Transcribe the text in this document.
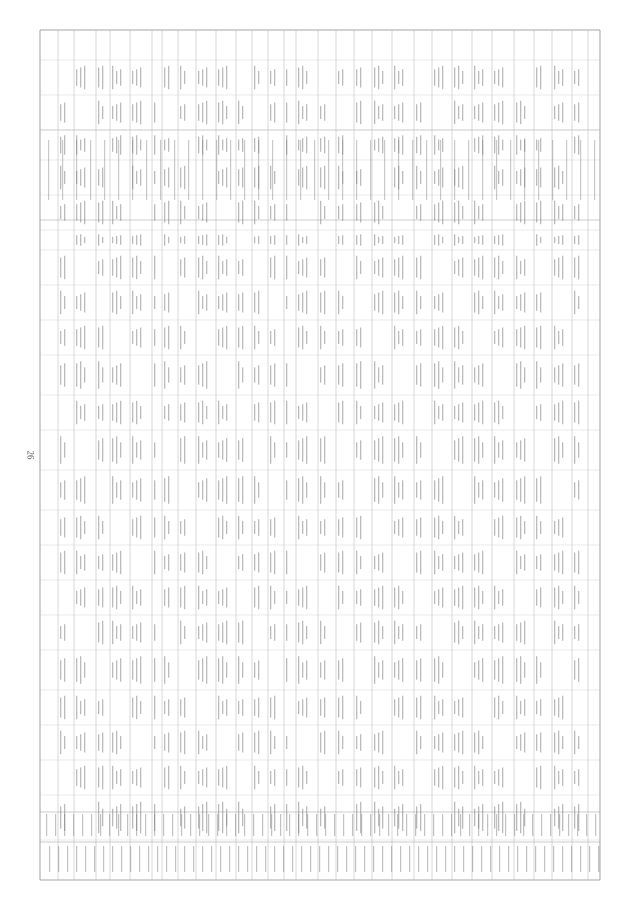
26
